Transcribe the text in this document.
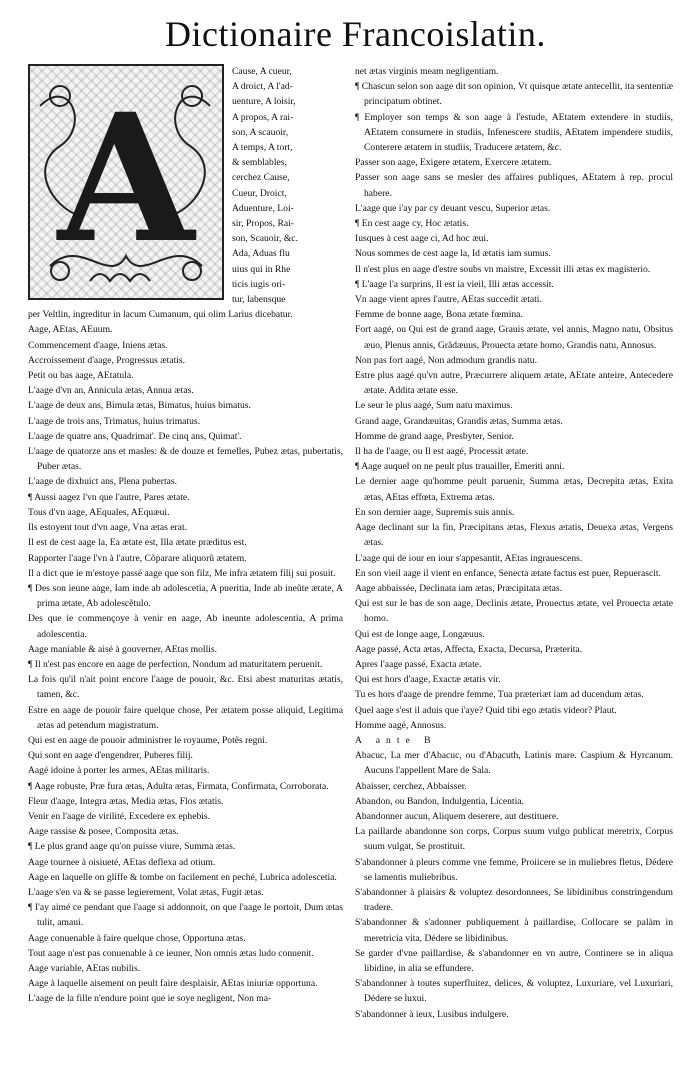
Dictionaire Francoislatin.
A
Cause, A cueur,
A droict, A l'ad-
uenture, A loisir,
A propos, A rai-
son, A scauoir,
A temps, A tort,
& semblables,
cerchez Cause,
Cueur, Droict,
Aduenture, Loi-
sir, Propos, Rai-
son, Scauoir, &c.
Ada, Aduas flu
uius qui in Rhe
ticis iugis ori-
tur, labensque

per Veltlin, ingreditur in lacum Cumanum, qui olim Larius dicebatur.

Aage, AEtas, AEuum.

Commencement d'aage, Iniens ætas.

Accroissement d'aage, Progressus ætatis.

Petit ou bas aage, AEtatula.

L'aage d'vn an, Annicula ætas, Annua ætas.

L'aage de deux ans, Bimula ætas, Bimatus, huius bimatus.

L'aage de trois ans, Trimatus, huius trimatus.

L'aage de quatre ans, Quadrimat'. De cinq ans, Quimat'.

L'aage de quatorze ans et masles: & de douze et femelles, Pubez ætas, pubertatis, Puber ætas.

L'aage de dixhuict ans, Plena pubertas.

¶ Aussi aagez l'vn que l'autre, Pares ætate.

Tous d'vn aage, AEquales, AEquæui.

Ils estoyent tout d'vn aage, Vna ætas erat.

Il est de cest aage la, Ea ætate est, Illa ætate præditus est.

Rapporter l'aage l'vn à l'autre, Cõparare aliquorũ ætatem.

Il a dict que ie m'estoye passé aage que son filz, Me infra ætatem filij sui posuit.

¶ Des son ieune aage, Iam inde ab adolescetia, A pueritia, Inde ab ineũte ætate, A prima ætate, Ab adolescẽtulo.

Des que ie commençoye à venir en aage, Ab ineunte adolescentia, A prima adolescentia.

Aage maniable & aisé à gouverner, AEtas mollis.

¶ Il n'est pas encore en aage de perfection, Nondum ad maturitatem peruenit.

La fois qu'il n'ait point encore l'aage de pouoir, &c. Etsi abest maturitas ætatis, tamen, &c.

Estre en aage de pouoir faire quelque chose, Per ætatem posse aliquid, Legitima ætas ad petendum magistratum.

Qui est en aage de pouoir administrer le royaume, Potẽs regni.

Qui sont en aage d'engendrer, Puberes filij.

Aagé idoine à porter les armes, AEtas militaris.

¶ Aage robuste, Præ fura ætas, Adulta ætas, Firmata, Confirmata, Corroborata.

Fleur d'aage, Integra ætas, Media ætas, Flos ætatis.

Venir en l'aage de virilité, Excedere ex ephebis.

Aage rassise & posee, Composita ætas.

¶ Le plus grand aage qu'on puisse viure, Summa ætas.

Aage tournee à oisiueté, AEtas deflexa ad otium.

Aage en laquelle on gliffe & tombe on facilement en peché, Lubrica adolescetia.

L'aage s'en va & se passe legierement, Volat ætas, Fugit ætas.

¶ I'ay aimé ce pendant que l'aage si addonnoit, on que l'aage le portoit, Dum ætas tulit, amaui.

Aage conuenable à faire quelque chose, Opportuna ætas.

Tout aage n'est pas conuenable à ce ieuner, Non omnis ætas ludo conuenit.

Aage variable, AEtas nubilis.

Aage à laquelle aisement on peult faire desplaisir, AEtas iniuriæ opportuna.

L'aage de la fille n'endure point que ie soye negligent, Non ma-

net ætas virginis meam negligentiam.

¶ Chascun selon son aage dit son opinion, Vt quisque ætate antecellit, ita sententiæ principatum obtinet.

¶ Employer son temps & son aage à l'estude, AEtatem extendere in studiis, AEtatem consumere in studiis, Infenescere studiis, AEtatem impendere studiis, Conterere ætatem in studiis, Traducere ætatem, &c.

Passer son aage, Exigere ætatem, Exercere ætatem.

Passer son aage sans se mesler des affaires publiques, AEtatem à rep. procul habere.

L'aage que i'ay par cy deuant vescu, Superior ætas.

¶ En cest aage cy, Hoc ætatis.

Iusques à cest aage ci, Ad hoc æui.

Nous sommes de cest aage la, Id ætatis iam sumus.

Il n'est plus en aage d'estre soubs vn maistre, Excessit illi ætas ex magisterio.

¶ L'aage l'a surprins, Il est ia vieil, Illi ætas accessit.

Vn aage vient apres l'autre, AEtas succedit ætati.

Femme de bonne aage, Bona ætate fœmina.

Fort aagé, ou Qui est de grand aage, Grauis ætate, vel annis, Magno natu, Obsitus æuo, Plenus annis, Grãdæuus, Prouecta ætate homo, Grandis natu, Annosus.

Non pas fort aagé, Non admodum grandis natu.

Estre plus aagé qu'vn autre, Præcurrere aliquem ætate, AEtate anteire, Antecedere ætate. Addita ætate esse.

Le seur le plus aagé, Sum natu maximus.

Grand aage, Grandæuitas, Grandis ætas, Summa ætas.

Homme de grand aage, Presbyter, Senior.

Il ha de l'aage, ou Il est aagé, Processit ætate.

¶ Aage auquel on ne peult plus trauailler, Emeriti anni.

Le dernier aage qu'homme peult paruenir, Summa ætas, Decrepita ætas, Exita ætas, AEtas effœta, Extrema ætas.

En son dernier aage, Supremis suis annis.

Aage declinant sur la fin, Præcipitans ætas, Flexus ætatis, Deuexa ætas, Vergens ætas.

L'aage qui de iour en iour s'appesantit, AEtas ingrauescens.

En son vieil aage il vient en enfance, Senecta ætate factus est puer, Repuerascit.

Aage abbaissée, Declinata iam ætas, Præcipitata ætas.

Qui est sur le bas de son aage, Declinis ætate, Prouectus ætate, vel Prouecta ætate homo.

Qui est de longe aage, Longæuus.

Aage passé, Acta ætas, Affecta, Exacta, Decursa, Præterita.

Apres l'aage passé, Exacta ætate.

Qui est hors d'aage, Exactæ ætatis vir.

Tu es hors d'aage de prendre femme, Tua præteriæt iam ad ducendum ætas.

Quel aage s'est il aduis que i'aye? Quid tibi ego ætatis videor? Plaut.

Homme aagé, Annosus.

A ante B

Abacuc, La mer d'Abacuc, ou d'Abacuth, Latinis mare. Caspium & Hyrcanum. Aucuns l'appellent Mare de Sala.

Abaisser, cerchez, Abbaisser.

Abandon, ou Bandon, Indulgentia, Licentia.

Abandonner aucun, Aliquem deserere, aut destituere.

La paillarde abandonne son corps, Corpus suum vulgo publicat meretrix, Corpus suum vulgat, Se prostituit.

S'abandonner à pleurs comme vne femme, Proiicere se in muliebres fletus, Dédere se lamentis muliebribus.

S'abandonner à plaisirs & voluptez desordonnees, Se libidinibus constringendum tradere.

S'abandonner & s'adonner publiquement à paillardise, Collocare se palàm in meretricia vita, Dédere se libidinibus.

Se garder d'vne paillardise, & s'abandonner en vn autre, Continere se in aliqua libidine, in alia se effundere.

S'abandonner à toutes superfluitez, delices, & voluptez, Luxuriare, vel Luxuriari, Dédere se luxui.

S'abandonner à ieux, Lusibus indulgere.
